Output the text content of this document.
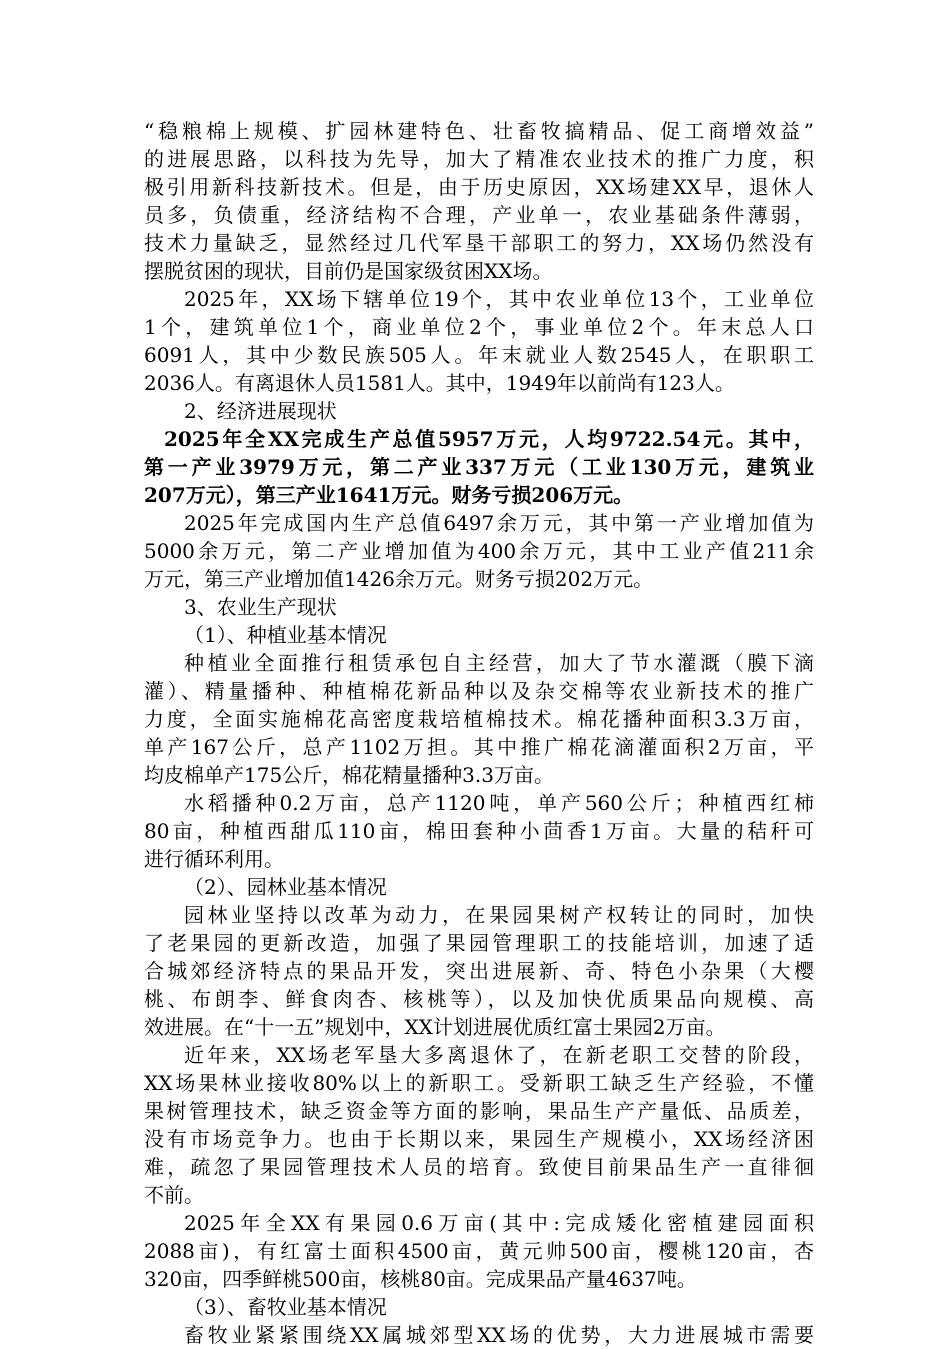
“稳粮棉上规模、扩园林建特色、壮畜牧搞精品、促工商增效益”
的进展思路，以科技为先导，加大了精准农业技术的推广力度，积
极引用新科技新技术。但是，由于历史原因，XX场建XX早，退休人
员多，负债重，经济结构不合理，产业单一，农业基础条件薄弱，
技术力量缺乏，显然经过几代军垦干部职工的努力，XX场仍然没有
摆脱贫困的现状，目前仍是国家级贫困XX场。
2025年，XX场下辖单位19个，其中农业单位13个，工业单位
1个，建筑单位1个，商业单位2个，事业单位2个。年末总人口
6091人，其中少数民族505人。年末就业人数2545人，在职职工
2036人。有离退休人员1581人。其中，1949年以前尚有123人。
2、经济进展现状
2025年全XX完成生产总值5957万元，人均9722.54元。其中，
第一产业3979万元，第二产业337万元（工业130万元，建筑业
207万元），第三产业1641万元。财务亏损206万元。
2025年完成国内生产总值6497余万元，其中第一产业增加值为
5000余万元，第二产业增加值为400余万元，其中工业产值211余
万元，第三产业增加值1426余万元。财务亏损202万元。
3、农业生产现状
（1）、种植业基本情况
种植业全面推行租赁承包自主经营，加大了节水灌溉（膜下滴
灌）、精量播种、种植棉花新品种以及杂交棉等农业新技术的推广
力度，全面实施棉花高密度栽培植棉技术。棉花播种面积3.3万亩，
单产167公斤，总产1102万担。其中推广棉花滴灌面积2万亩，平
均皮棉单产175公斤，棉花精量播种3.3万亩。
水稻播种0.2万亩，总产1120吨，单产560公斤；种植西红柿
80亩，种植西甜瓜110亩，棉田套种小茴香1万亩。大量的秸秆可
进行循环利用。
（2）、园林业基本情况
园林业坚持以改革为动力，在果园果树产权转让的同时，加快
了老果园的更新改造，加强了果园管理职工的技能培训，加速了适
合城郊经济特点的果品开发，突出进展新、奇、特色小杂果（大樱
桃、布朗李、鲜食肉杏、核桃等），以及加快优质果品向规模、高
效进展。在“十一五”规划中，XX计划进展优质红富士果园2万亩。
近年来，XX场老军垦大多离退休了，在新老职工交替的阶段，
XX场果林业接收80%以上的新职工。受新职工缺乏生产经验，不懂
果树管理技术，缺乏资金等方面的影响，果品生产产量低、品质差，
没有市场竞争力。也由于长期以来，果园生产规模小，XX场经济困
难，疏忽了果园管理技术人员的培育。致使目前果品生产一直徘徊
不前。
2025年全XX有果园0.6万亩(其中:完成矮化密植建园面积
2088亩)，有红富士面积4500亩，黄元帅500亩，樱桃120亩，杏
320亩，四季鲜桃500亩，核桃80亩。完成果品产量4637吨。
（3）、畜牧业基本情况
畜牧业紧紧围绕XX属城郊型XX场的优势，大力进展城市需要
